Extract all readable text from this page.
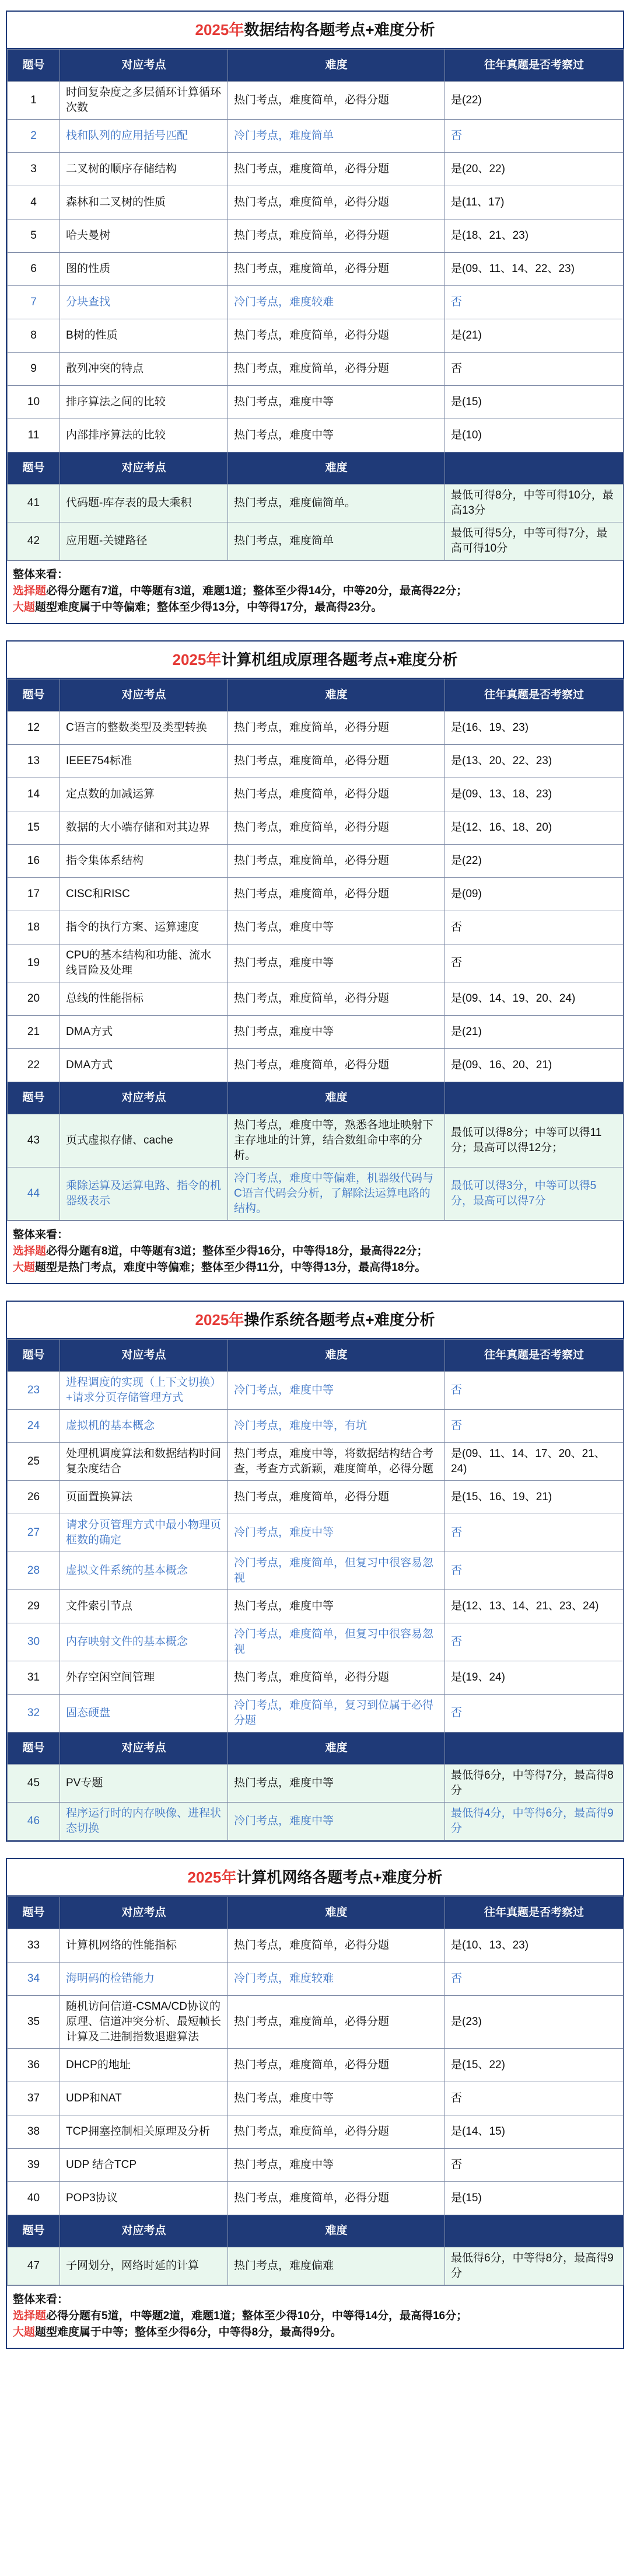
2025年数据结构各题考点+难度分析
题号	对应考点	难度	往年真题是否考察过
1	时间复杂度之多层循环计算循环次数	热门考点，难度简单，必得分题	是(22)
2	栈和队列的应用括号匹配	冷门考点，难度简单	否
3	二叉树的顺序存储结构	热门考点，难度简单，必得分题	是(20、22)
4	森林和二叉树的性质	热门考点，难度简单，必得分题	是(11、17)
5	哈夫曼树	热门考点，难度简单，必得分题	是(18、21、23)
6	图的性质	热门考点，难度简单，必得分题	是(09、11、14、22、23)
7	分块查找	冷门考点，难度较难	否
8	B树的性质	热门考点，难度简单，必得分题	是(21)
9	散列冲突的特点	热门考点，难度简单，必得分题	否
10	排序算法之间的比较	热门考点，难度中等	是(15)
11	内部排序算法的比较	热门考点，难度中等	是(10)
题号	对应考点	难度	
41	代码题-库存表的最大乘积	热门考点，难度偏简单。	最低可得8分，中等可得10分，最高13分
42	应用题-关键路径	热门考点，难度简单	最低可得5分，中等可得7分，最高可得10分
整体来看：
选择题必得分题有7道，中等题有3道，难题1道；整体至少得14分，中等20分，最高得22分；
大题题型难度属于中等偏难；整体至少得13分，中等得17分，最高得23分。
2025年计算机组成原理各题考点+难度分析
题号	对应考点	难度	往年真题是否考察过
12	C语言的整数类型及类型转换	热门考点，难度简单，必得分题	是(16、19、23)
13	IEEE754标准	热门考点，难度简单，必得分题	是(13、20、22、23)
14	定点数的加减运算	热门考点，难度简单，必得分题	是(09、13、18、23)
15	数据的大小端存储和对其边界	热门考点，难度简单，必得分题	是(12、16、18、20)
16	指令集体系结构	热门考点，难度简单，必得分题	是(22)
17	CISC和RISC	热门考点，难度简单，必得分题	是(09)
18	指令的执行方案、运算速度	热门考点，难度中等	否
19	CPU的基本结构和功能、流水线冒险及处理	热门考点，难度中等	否
20	总线的性能指标	热门考点，难度简单，必得分题	是(09、14、19、20、24)
21	DMA方式	热门考点，难度中等	是(21)
22	DMA方式	热门考点，难度简单，必得分题	是(09、16、20、21)
题号	对应考点	难度	
43	页式虚拟存储、cache	热门考点，难度中等，熟悉各地址映射下主存地址的计算，结合数组命中率的分析。	最低可以得8分；中等可以得11分；最高可以得12分；
44	乘除运算及运算电路、指令的机器级表示	冷门考点，难度中等偏难，机器级代码与C语言代码会分析，了解除法运算电路的结构。	最低可以得3分，中等可以得5分，最高可以得7分
整体来看：
选择题必得分题有8道，中等题有3道；整体至少得16分，中等得18分，最高得22分；
大题题型是热门考点，难度中等偏难；整体至少得11分，中等得13分，最高得18分。
2025年操作系统各题考点+难度分析
题号	对应考点	难度	往年真题是否考察过
23	进程调度的实现（上下文切换）+请求分页存储管理方式	冷门考点，难度中等	否
24	虚拟机的基本概念	冷门考点，难度中等，有坑	否
25	处理机调度算法和数据结构时间复杂度结合	热门考点，难度中等，将数据结构结合考查，考查方式新颖，难度简单，必得分题	是(09、11、14、17、20、21、24)
26	页面置换算法	热门考点，难度简单，必得分题	是(15、16、19、21)
27	请求分页管理方式中最小物理页框数的确定	冷门考点，难度中等	否
28	虚拟文件系统的基本概念	冷门考点，难度简单，但复习中很容易忽视	否
29	文件索引节点	热门考点，难度中等	是(12、13、14、21、23、24)
30	内存映射文件的基本概念	冷门考点，难度简单，但复习中很容易忽视	否
31	外存空闲空间管理	热门考点，难度简单，必得分题	是(19、24)
32	固态硬盘	冷门考点，难度简单，复习到位属于必得分题	否
题号	对应考点	难度	
45	PV专题	热门考点，难度中等	最低得6分，中等得7分，最高得8分
46	程序运行时的内存映像、进程状态切换	冷门考点，难度中等	最低得4分，中等得6分，最高得9分
2025年计算机网络各题考点+难度分析
题号	对应考点	难度	往年真题是否考察过
33	计算机网络的性能指标	热门考点，难度简单，必得分题	是(10、13、23)
34	海明码的检错能力	冷门考点，难度较难	否
35	随机访问信道-CSMA/CD协议的原理、信道冲突分析、最短帧长计算及二进制指数退避算法	热门考点，难度简单，必得分题	是(23)
36	DHCP的地址	热门考点，难度简单，必得分题	是(15、22)
37	UDP和NAT	热门考点，难度中等	否
38	TCP拥塞控制相关原理及分析	热门考点，难度简单，必得分题	是(14、15)
39	UDP 结合TCP	热门考点，难度中等	否
40	POP3协议	热门考点，难度简单，必得分题	是(15)
题号	对应考点	难度	
47	子网划分，网络时延的计算	热门考点，难度偏难	最低得6分，中等得8分，最高得9分
整体来看：
选择题必得分题有5道，中等题2道，难题1道；整体至少得10分，中等得14分，最高得16分；
大题题型难度属于中等；整体至少得6分，中等得8分，最高得9分。
